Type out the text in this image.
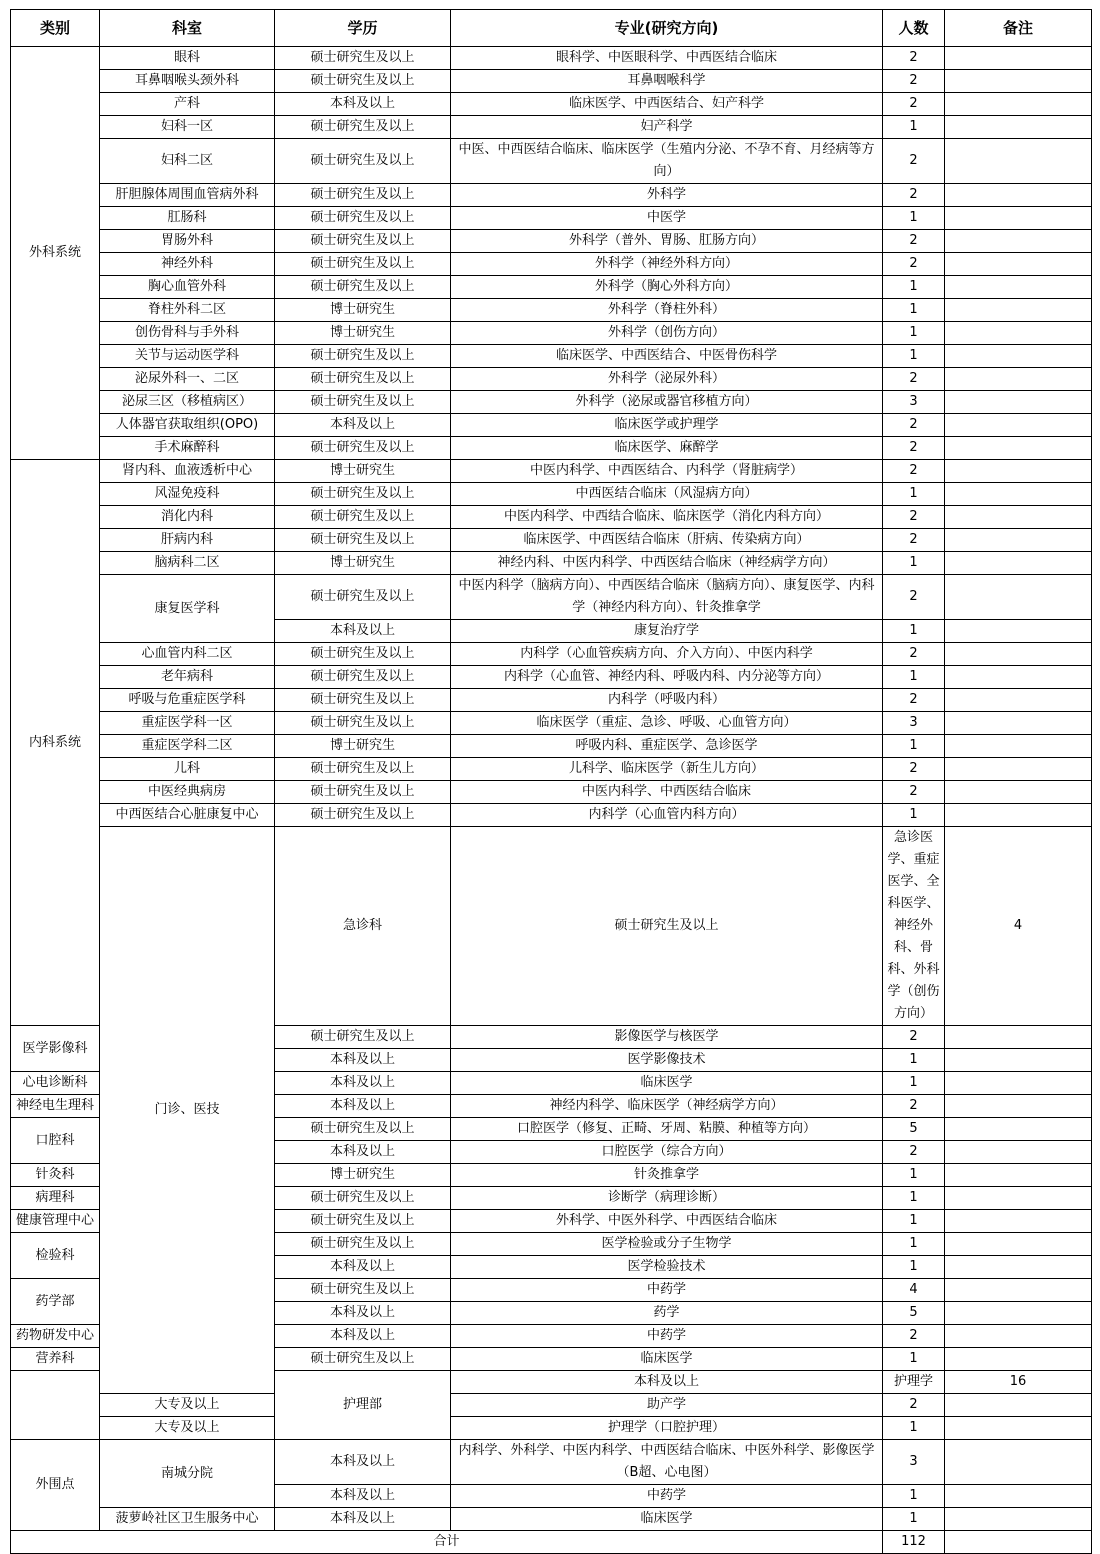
类别	科室	学历	专业(研究方向)	人数	备注	
外科系统	眼科	硕士研究生及以上	眼科学、中医眼科学、中西医结合临床	2		
	耳鼻咽喉头颈外科	硕士研究生及以上	耳鼻咽喉科学	2		
	产科	本科及以上	临床医学、中西医结合、妇产科学	2		
	妇科一区	硕士研究生及以上	妇产科学	1		
	妇科二区	硕士研究生及以上	中医、中西医结合临床、临床医学（生殖内分泌、不孕不育、月经病等方向）	2		
	肝胆腺体周围血管病外科	硕士研究生及以上	外科学	2		
	肛肠科	硕士研究生及以上	中医学	1		
	胃肠外科	硕士研究生及以上	外科学（普外、胃肠、肛肠方向）	2		
	神经外科	硕士研究生及以上	外科学（神经外科方向）	2		
	胸心血管外科	硕士研究生及以上	外科学（胸心外科方向）	1		
	脊柱外科二区	博士研究生	外科学（脊柱外科）	1		
	创伤骨科与手外科	博士研究生	外科学（创伤方向）	1		
	关节与运动医学科	硕士研究生及以上	临床医学、中西医结合、中医骨伤科学	1		
	泌尿外科一、二区	硕士研究生及以上	外科学（泌尿外科）	2		
	泌尿三区（移植病区）	硕士研究生及以上	外科学（泌尿或器官移植方向）	3		
	人体器官获取组织(OPO)	本科及以上	临床医学或护理学	2		
	手术麻醉科	硕士研究生及以上	临床医学、麻醉学	2		
内科系统	肾内科、血液透析中心	博士研究生	中医内科学、中西医结合、内科学（肾脏病学）	2		
	风湿免疫科	硕士研究生及以上	中西医结合临床（风湿病方向）	1		
	消化内科	硕士研究生及以上	中医内科学、中西结合临床、临床医学（消化内科方向）	2		
	肝病内科	硕士研究生及以上	临床医学、中西医结合临床（肝病、传染病方向）	2		
	脑病科二区	博士研究生	神经内科、中医内科学、中西医结合临床（神经病学方向）	1		
	康复医学科	硕士研究生及以上	中医内科学（脑病方向）、中西医结合临床（脑病方向）、康复医学、内科学（神经内科方向）、针灸推拿学	2		
		本科及以上	康复治疗学	1		
	心血管内科二区	硕士研究生及以上	内科学（心血管疾病方向、介入方向）、中医内科学	2		
	老年病科	硕士研究生及以上	内科学（心血管、神经内科、呼吸内科、内分泌等方向）	1		
	呼吸与危重症医学科	硕士研究生及以上	内科学（呼吸内科）	2		
	重症医学科一区	硕士研究生及以上	临床医学（重症、急诊、呼吸、心血管方向）	3		
	重症医学科二区	博士研究生	呼吸内科、重症医学、急诊医学	1		
	儿科	硕士研究生及以上	儿科学、临床医学（新生儿方向）	2		
	中医经典病房	硕士研究生及以上	中医内科学、中西医结合临床	2		
	中西医结合心脏康复中心	硕士研究生及以上	内科学（心血管内科方向）	1		
	门诊、医技	急诊科	硕士研究生及以上	急诊医学、重症医学、全科医学、神经外科、骨科、外科学（创伤方向）	4	
医学影像科		硕士研究生及以上	影像医学与核医学	2		
		本科及以上	医学影像技术	1		
心电诊断科		本科及以上	临床医学	1		
神经电生理科		本科及以上	神经内科学、临床医学（神经病学方向）	2		
口腔科		硕士研究生及以上	口腔医学（修复、正畸、牙周、粘膜、种植等方向）	5		
		本科及以上	口腔医学（综合方向）	2		
针灸科		博士研究生	针灸推拿学	1		
病理科		硕士研究生及以上	诊断学（病理诊断）	1		
健康管理中心		硕士研究生及以上	外科学、中医外科学、中西医结合临床	1		
检验科		硕士研究生及以上	医学检验或分子生物学	1		
		本科及以上	医学检验技术	1		
药学部		硕士研究生及以上	中药学	4		
		本科及以上	药学	5		
药物研发中心		本科及以上	中药学	2		
营养科		硕士研究生及以上	临床医学	1		
		护理部	本科及以上	护理学	16	
	大专及以上		助产学	2		
	大专及以上		护理学（口腔护理）	1		
外围点	南城分院	本科及以上	内科学、外科学、中医内科学、中西医结合临床、中医外科学、影像医学（B超、心电图）	3		
		本科及以上	中药学	1		
	菠萝岭社区卫生服务中心	本科及以上	临床医学	1		
合计				112		
